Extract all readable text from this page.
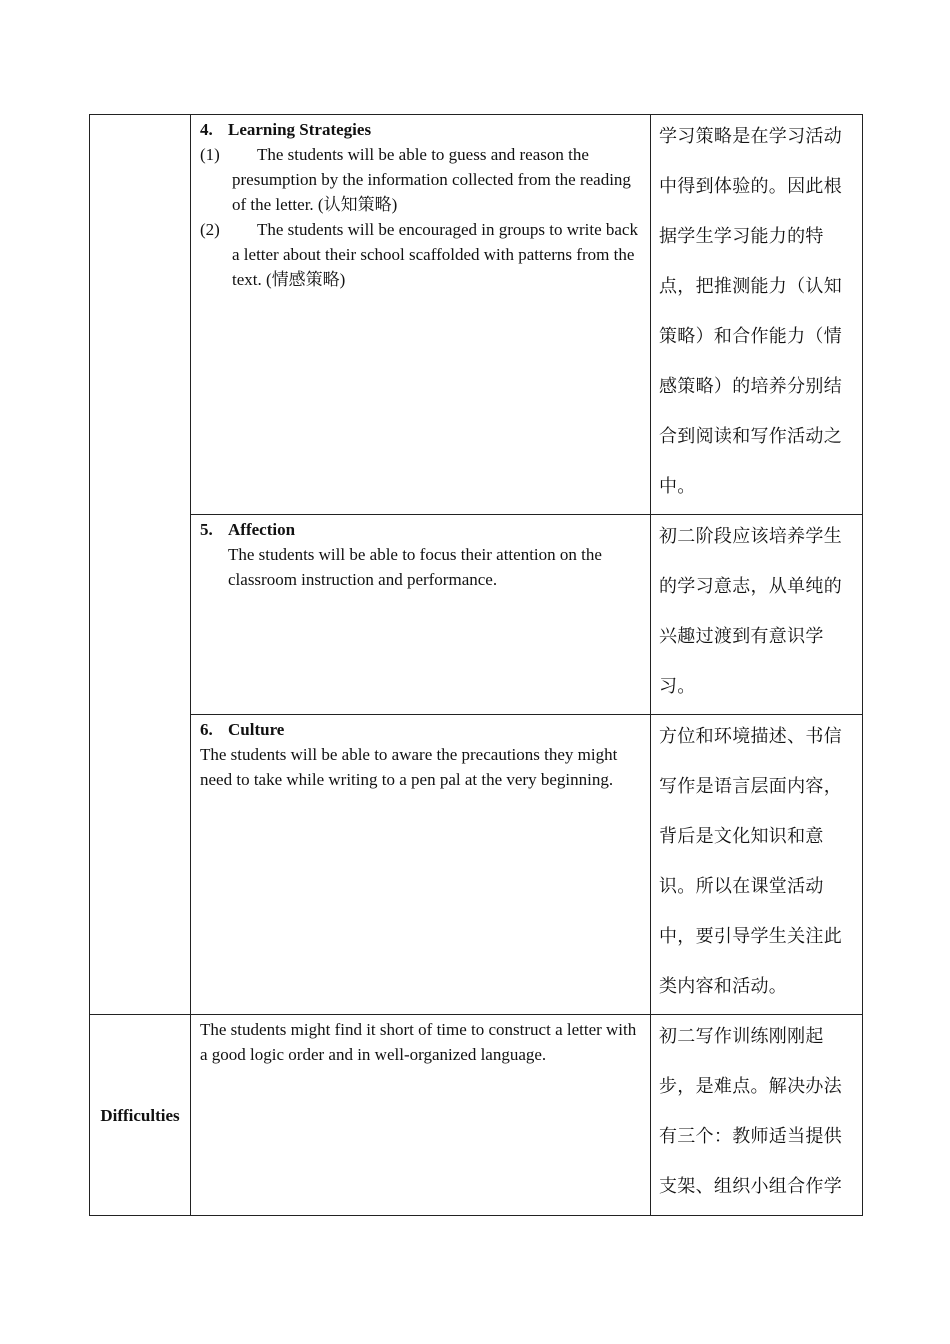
	4. Learning Strategies
(1) The students will be able to guess and reason the presumption by the information collected from the reading of the letter. (认知策略)
(2) The students will be encouraged in groups to write back a letter about their school scaffolded with patterns from the text. (情感策略)	学习策略是在学习活动中得到体验的。因此根据学生学习能力的特点，把推测能力（认知策略）和合作能力（情感策略）的培养分别结合到阅读和写作活动之中。

	5. Affection
The students will be able to focus their attention on the classroom instruction and performance.	初二阶段应该培养学生的学习意志，从单纯的兴趣过渡到有意识学习。

	6. Culture
The students will be able to aware the precautions they might need to take while writing to a pen pal at the very beginning.	方位和环境描述、书信写作是语言层面内容，背后是文化知识和意识。所以在课堂活动中，要引导学生关注此类内容和活动。

Difficulties	The students might find it short of time to construct a letter with a good logic order and in well-organized language.	初二写作训练刚刚起步，是难点。解决办法有三个：教师适当提供支架、组织小组合作学
